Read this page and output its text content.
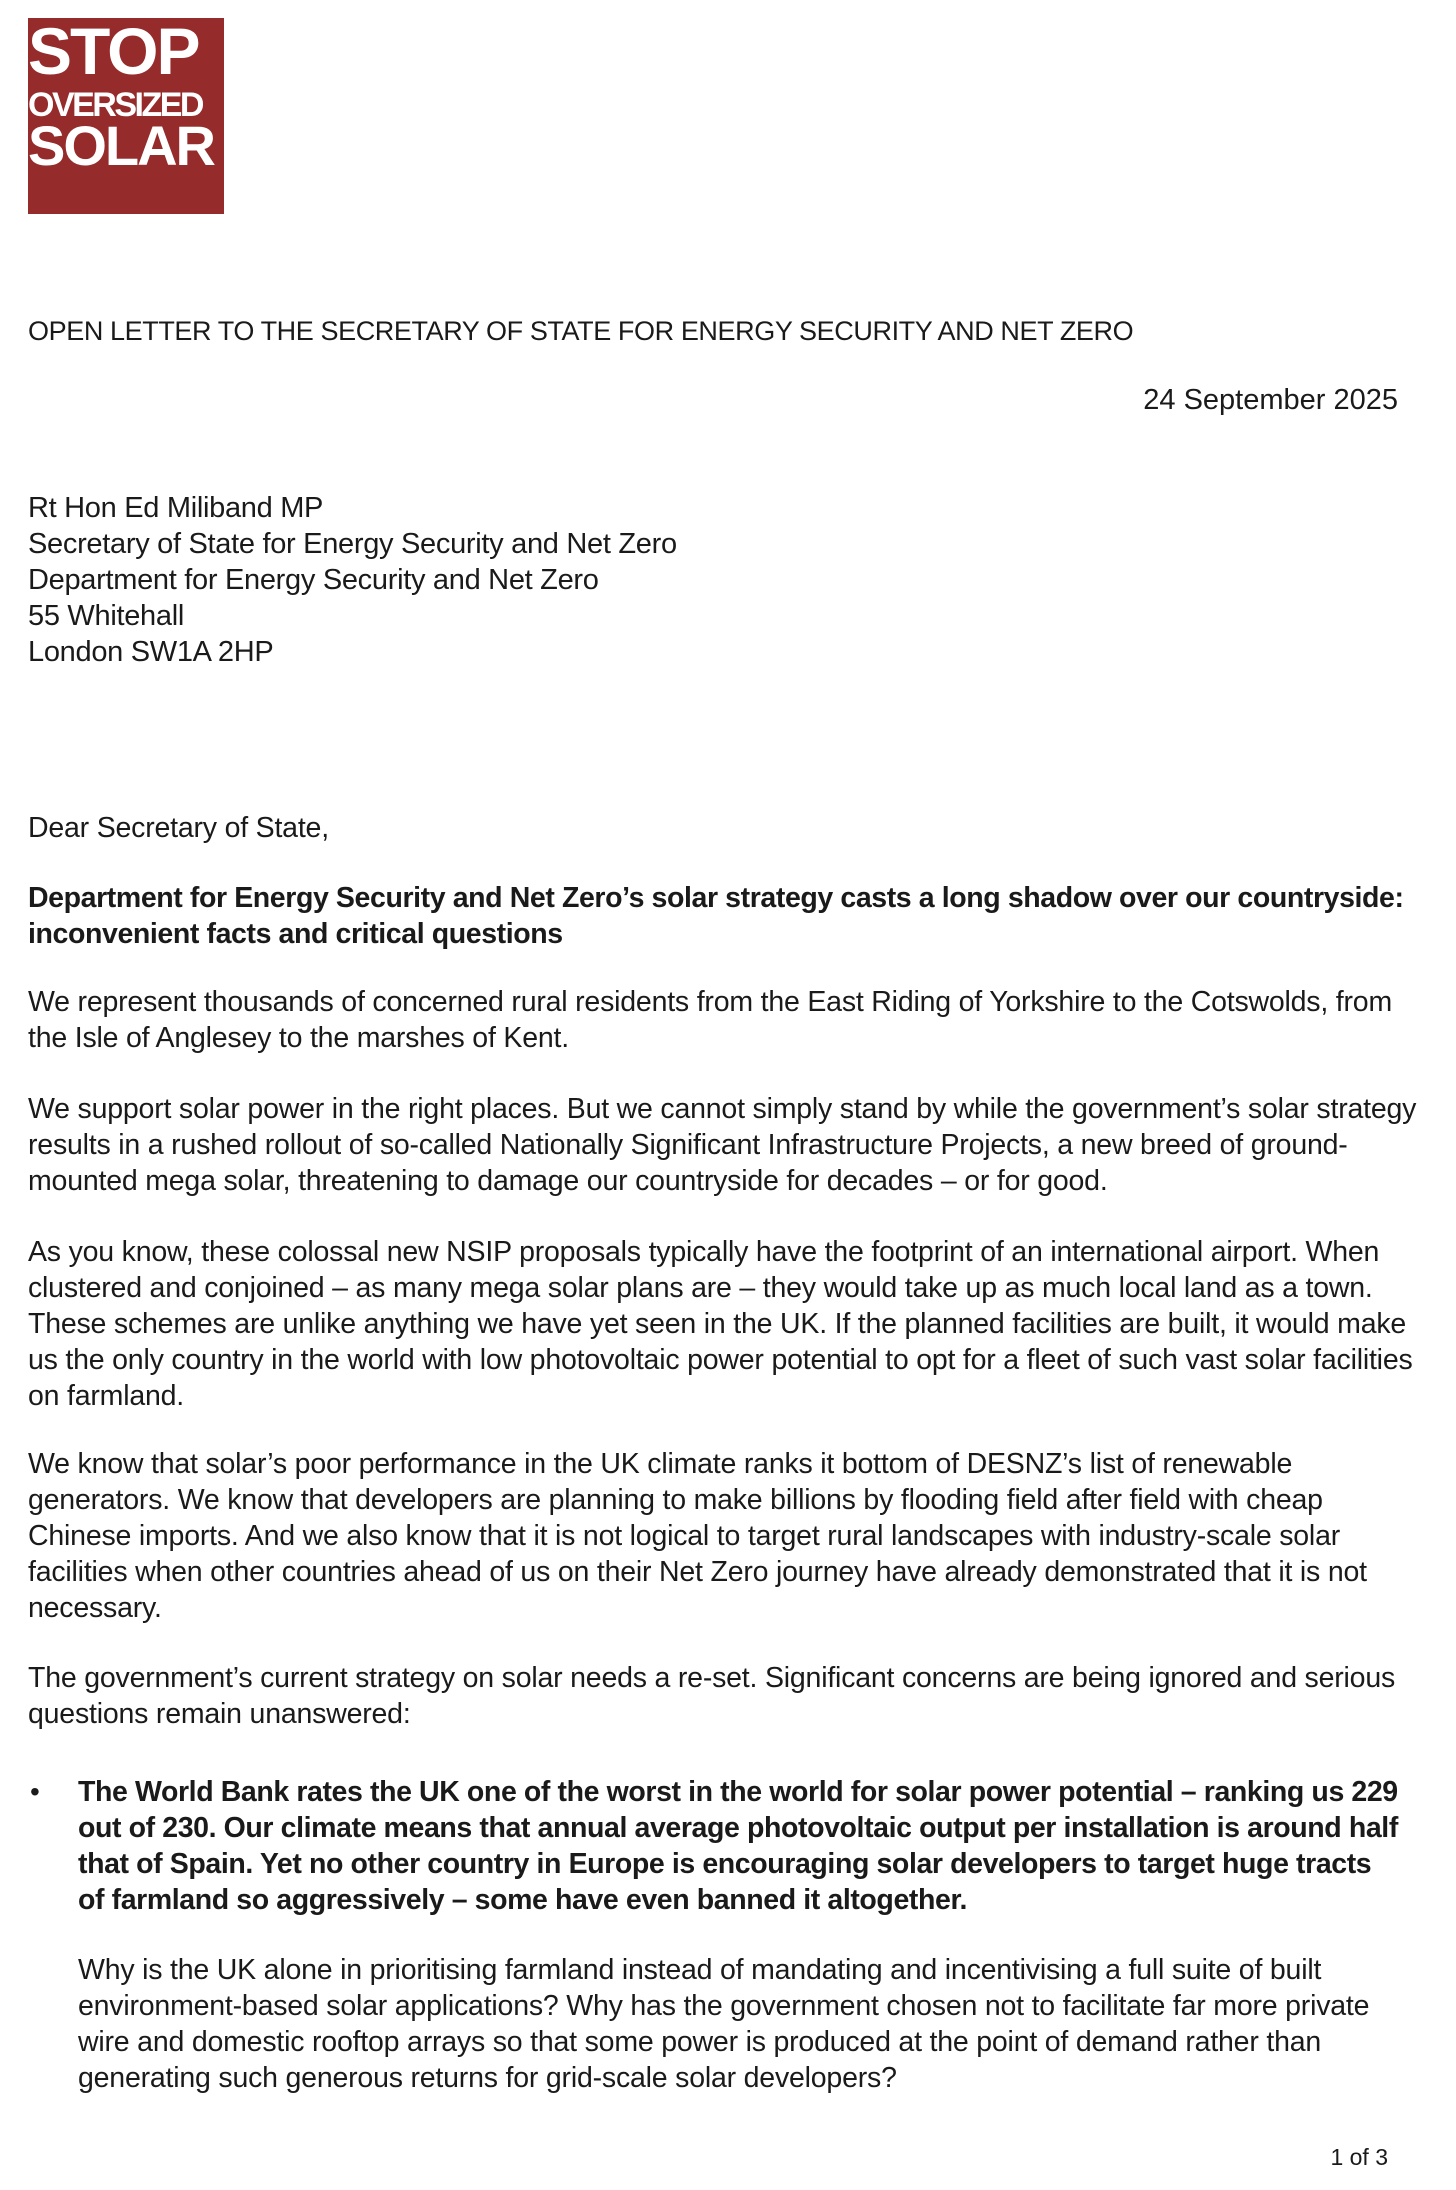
STOP
OVERSIZED
SOLAR
OPEN LETTER TO THE SECRETARY OF STATE FOR ENERGY SECURITY AND NET ZERO

24 September 2025

Rt Hon Ed Miliband MP
Secretary of State for Energy Security and Net Zero
Department for Energy Security and Net Zero
55 Whitehall
London SW1A 2HP

Dear Secretary of State,

Department for Energy Security and Net Zero’s solar strategy casts a long shadow over our countryside: inconvenient facts and critical questions

We represent thousands of concerned rural residents from the East Riding of Yorkshire to the Cotswolds, from the Isle of Anglesey to the marshes of Kent.

We support solar power in the right places. But we cannot simply stand by while the government’s solar strategy results in a rushed rollout of so-called Nationally Significant Infrastructure Projects, a new breed of ground-mounted mega solar, threatening to damage our countryside for decades – or for good.

As you know, these colossal new NSIP proposals typically have the footprint of an international airport. When clustered and conjoined – as many mega solar plans are – they would take up as much local land as a town. These schemes are unlike anything we have yet seen in the UK. If the planned facilities are built, it would make us the only country in the world with low photovoltaic power potential to opt for a fleet of such vast solar facilities on farmland.

We know that solar’s poor performance in the UK climate ranks it bottom of DESNZ’s list of renewable generators. We know that developers are planning to make billions by flooding field after field with cheap Chinese imports. And we also know that it is not logical to target rural landscapes with industry-scale solar facilities when other countries ahead of us on their Net Zero journey have already demonstrated that it is not necessary.

The government’s current strategy on solar needs a re-set. Significant concerns are being ignored and serious questions remain unanswered:

• The World Bank rates the UK one of the worst in the world for solar power potential – ranking us 229 out of 230. Our climate means that annual average photovoltaic output per installation is around half that of Spain. Yet no other country in Europe is encouraging solar developers to target huge tracts of farmland so aggressively – some have even banned it altogether.

Why is the UK alone in prioritising farmland instead of mandating and incentivising a full suite of built environment-based solar applications? Why has the government chosen not to facilitate far more private wire and domestic rooftop arrays so that some power is produced at the point of demand rather than generating such generous returns for grid-scale solar developers?

1 of 3
